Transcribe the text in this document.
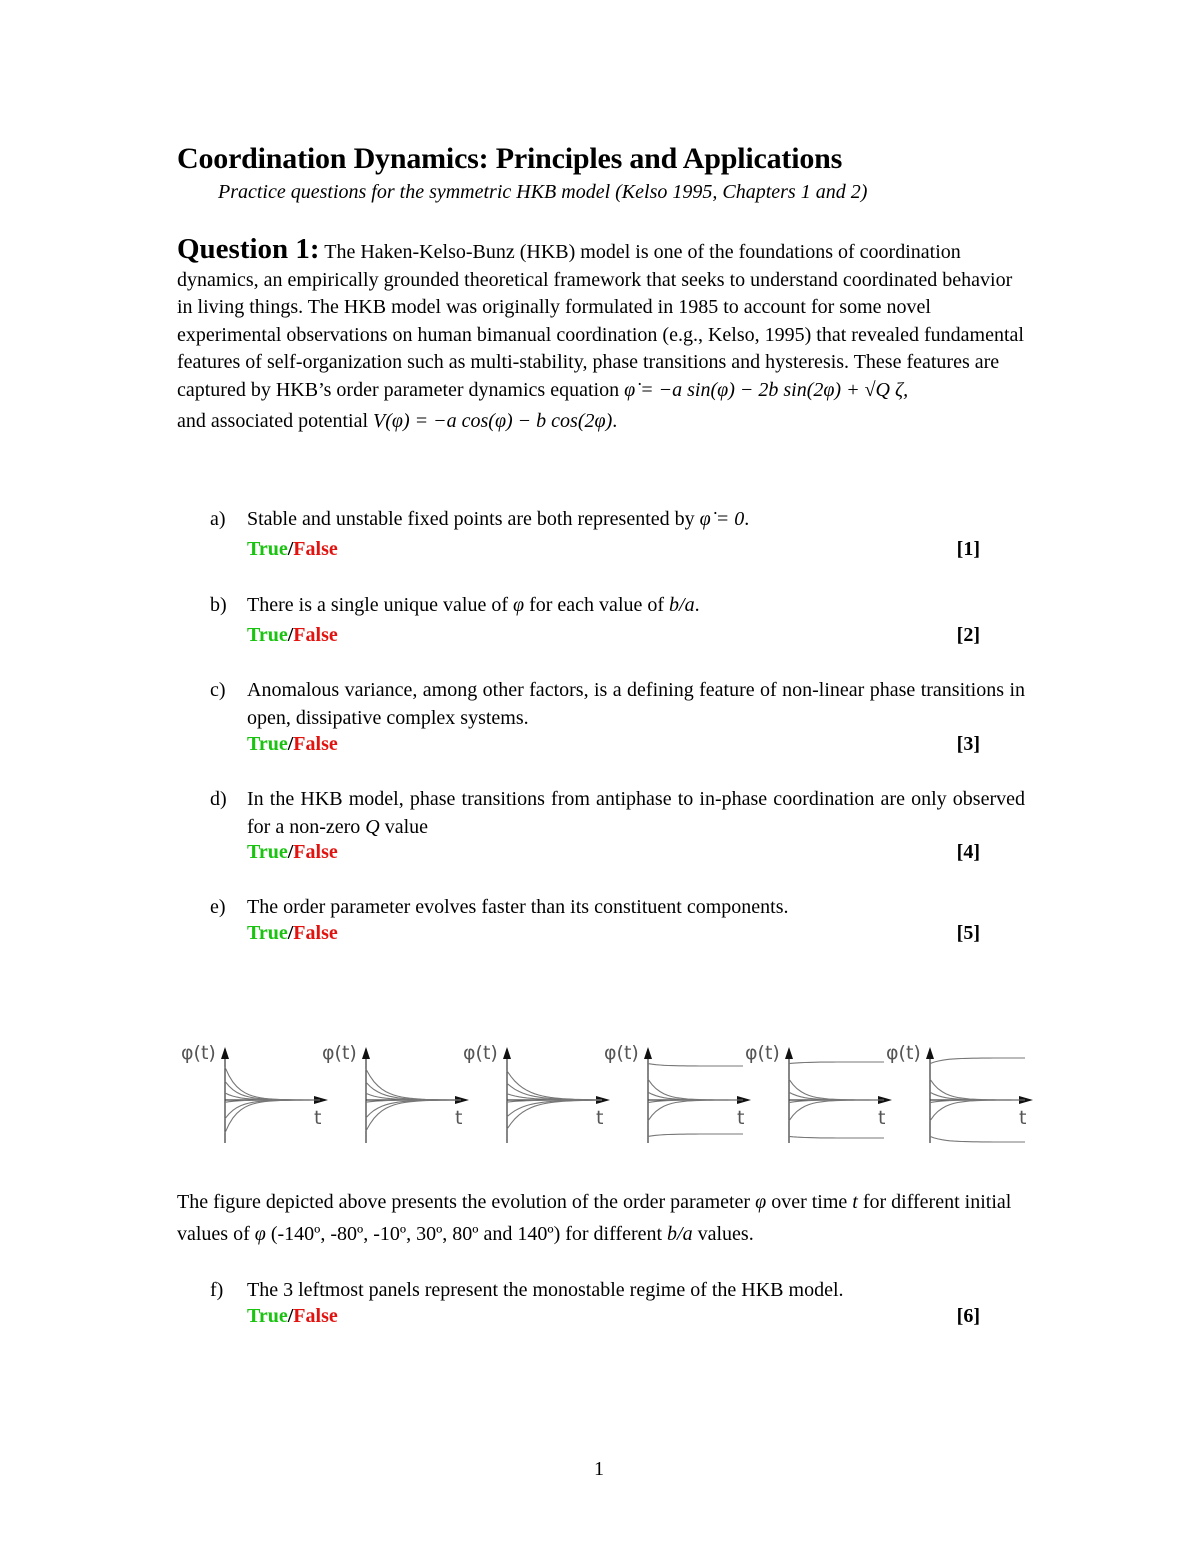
Coordination Dynamics: Principles and Applications
Practice questions for the symmetric HKB model (Kelso 1995, Chapters 1 and 2)
Question 1: The Haken-Kelso-Bunz (HKB) model is one of the foundations of coordination dynamics, an empirically grounded theoretical framework that seeks to understand coordinated behavior in living things. The HKB model was originally formulated in 1985 to account for some novel experimental observations on human bimanual coordination (e.g., Kelso, 1995) that revealed fundamental features of self-organization such as multi-stability, phase transitions and hysteresis. These features are captured by HKB’s order parameter dynamics equation φ̇ = −a sin(φ) − 2b sin(2φ) + √Q ζ,
and associated potential V(φ) = −a cos(φ) − b cos(2φ).
a)	Stable and unstable fixed points are both represented by φ̇ = 0.
True/False	[1]
b)	There is a single unique value of φ for each value of b/a.
True/False	[2]
c)	Anomalous variance, among other factors, is a defining feature of non-linear phase transitions in open, dissipative complex systems.
True/False	[3]
d)	In the HKB model, phase transitions from antiphase to in-phase coordination are only observed for a non-zero Q value
True/False	[4]
e)	The order parameter evolves faster than its constituent components.
True/False	[5]
f)	The 3 leftmost panels represent the monostable regime of the HKB model.
True/False	[6]
φ(t)
t
φ(t)
t
φ(t)
t
φ(t)
t
φ(t)
t
φ(t)
t
The figure depicted above presents the evolution of the order parameter φ over time t for different initial values of φ (-140º, -80º, -10º, 30º, 80º and 140º) for different b/a values.
1
